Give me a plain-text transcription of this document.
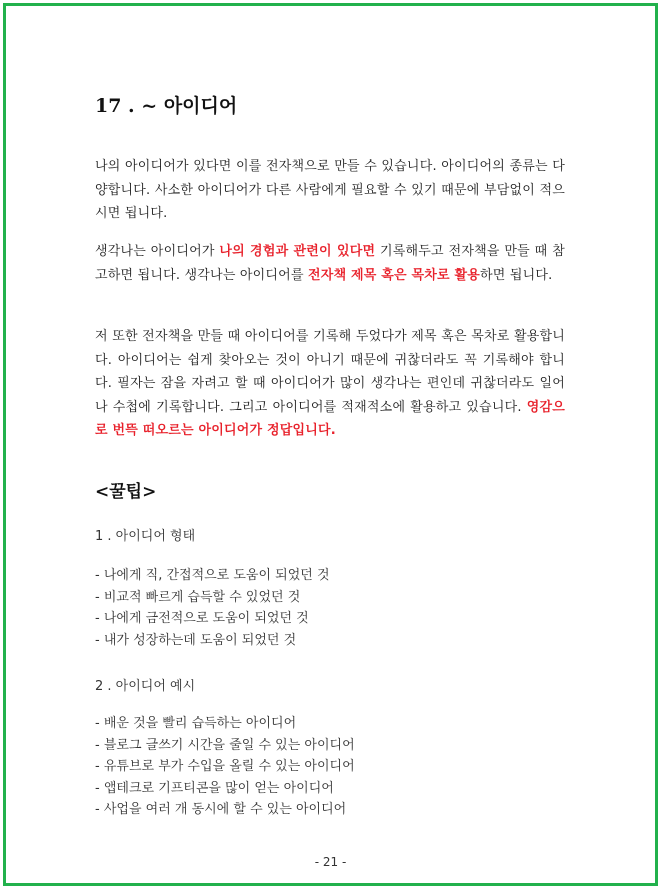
17 . ~ 아이디어
나의 아이디어가 있다면 이를 전자책으로 만들 수 있습니다. 아이디어의 종류는 다양합니다. 사소한 아이디어가 다른 사람에게 필요할 수 있기 때문에 부담없이 적으시면 됩니다.
생각나는 아이디어가 나의 경험과 관련이 있다면 기록해두고 전자책을 만들 때 참고하면 됩니다. 생각나는 아이디어를 전자책 제목 혹은 목차로 활용하면 됩니다.
저 또한 전자책을 만들 때 아이디어를 기록해 두었다가 제목 혹은 목차로 활용합니다. 아이디어는 쉽게 찾아오는 것이 아니기 때문에 귀찮더라도 꼭 기록해야 합니다. 필자는 잠을 자려고 할 때 아이디어가 많이 생각나는 편인데 귀찮더라도 일어나 수첩에 기록합니다. 그리고 아이디어를 적재적소에 활용하고 있습니다. 영감으로 번뜩 떠오르는 아이디어가 정답입니다.
<꿀팁>
1 . 아이디어 형태
- 나에게 직, 간접적으로 도움이 되었던 것
- 비교적 빠르게 습득할 수 있었던 것
- 나에게 금전적으로 도움이 되었던 것
- 내가 성장하는데 도움이 되었던 것
2 . 아이디어 예시
- 배운 것을 빨리 습득하는 아이디어
- 블로그 글쓰기 시간을 줄일 수 있는 아이디어
- 유튜브로 부가 수입을 올릴 수 있는 아이디어
- 앱테크로 기프티콘을 많이 얻는 아이디어
- 사업을 여러 개 동시에 할 수 있는 아이디어
- 21 -
